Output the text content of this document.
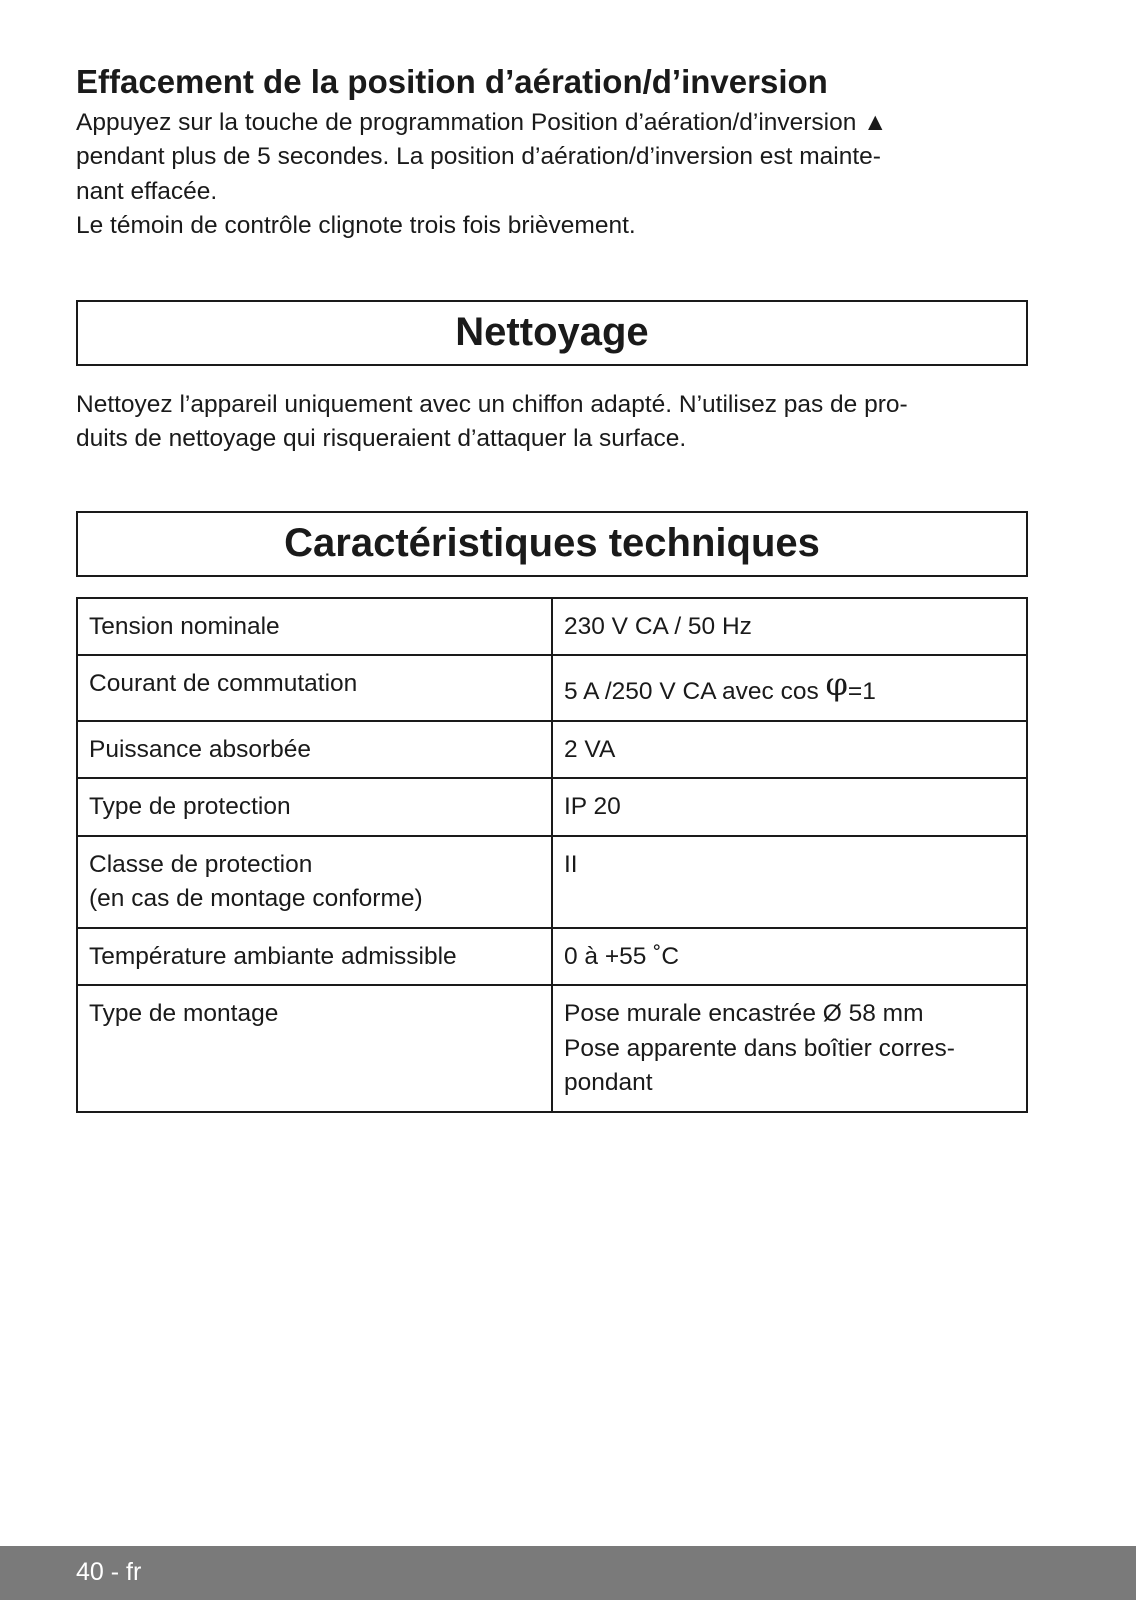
Effacement de la position d’aération/d’inversion

Appuyez sur la touche de programmation Position d’aération/d’inversion ▲
pendant plus de 5 secondes. La position d’aération/d’inversion est mainte-
nant effacée.
Le témoin de contrôle clignote trois fois brièvement.

Nettoyage

Nettoyez l’appareil uniquement avec un chiffon adapté. N’utilisez pas de pro-
duits de nettoyage qui risqueraient d’attaquer la surface.

Caractéristiques techniques
Tension nominale	230 V CA / 50 Hz
Courant de commutation	5 A /250 V CA avec cos φ=1
Puissance absorbée	2 VA
Type de protection	IP 20
Classe de protection
(en cas de montage conforme)	II
Température ambiante admissible	0 à +55 ˚C
Type de montage	Pose murale encastrée Ø 58 mm
Pose apparente dans boîtier corres-
pondant
40 - fr
